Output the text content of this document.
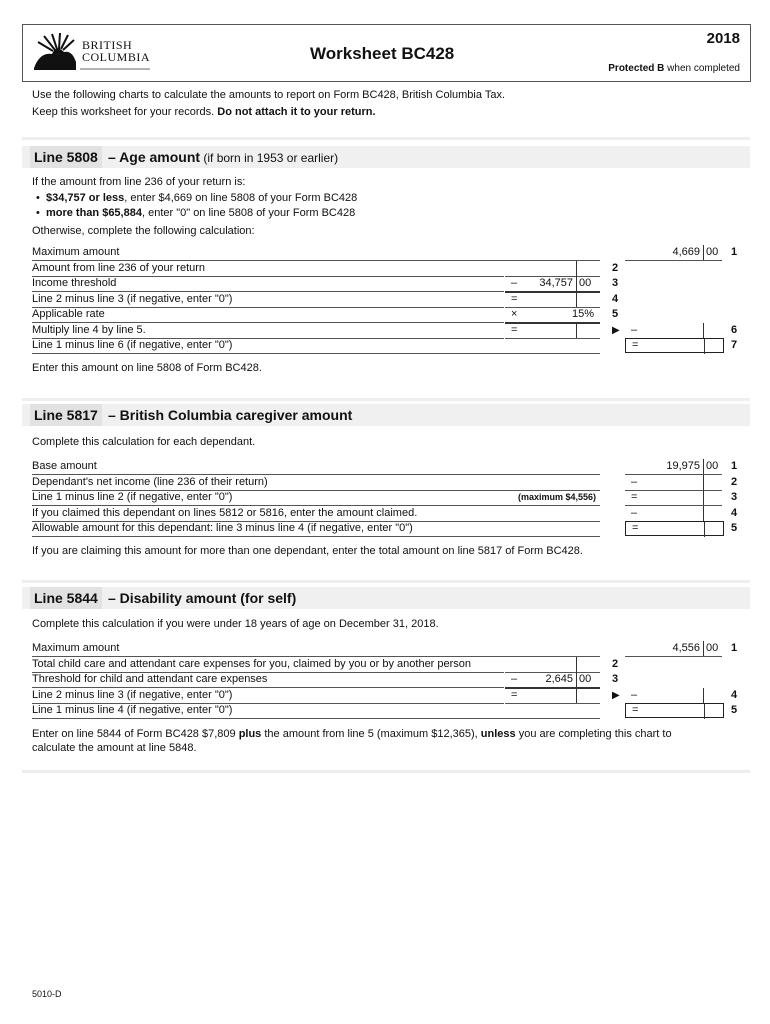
BRITISH
COLUMBIA	Worksheet BC428
2018
Protected B when completed
Use the following charts to calculate the amounts to report on Form BC428, British Columbia Tax.
Keep this worksheet for your records. Do not attach it to your return.
Line 5808 – Age amount (if born in 1953 or earlier)
If the amount from line 236 of your return is:
•  $34,757 or less, enter $4,669 on line 5808 of your Form BC428
•  more than $65,884, enter "0" on line 5808 of your Form BC428
Otherwise, complete the following calculation:
Maximum amount	4,669 00 1
Amount from line 236 of your return	2
Income threshold	– 34,757 00 3
Line 2 minus line 3 (if negative, enter "0")	=	4
Applicable rate	×	15% 5
Multiply line 4 by line 5.	=	▶ –	6
Line 1 minus line 6 (if negative, enter "0")	=	7
Enter this amount on line 5808 of Form BC428.
Line 5817 – British Columbia caregiver amount
Complete this calculation for each dependant.
Base amount	19,975 00 1
Dependant's net income (line 236 of their return)	–	2
Line 1 minus line 2 (if negative, enter "0")	(maximum $4,556)	=	3
If you claimed this dependant on lines 5812 or 5816, enter the amount claimed.	–	4
Allowable amount for this dependant: line 3 minus line 4 (if negative, enter "0")	=	5
If you are claiming this amount for more than one dependant, enter the total amount on line 5817 of Form BC428.
Line 5844 – Disability amount (for self)
Complete this calculation if you were under 18 years of age on December 31, 2018.
Maximum amount	4,556 00 1
Total child care and attendant care expenses for you, claimed by you or by another person	2
Threshold for child and attendant care expenses	–	2,645 00 3
Line 2 minus line 3 (if negative, enter "0")	=	▶ –	4
Line 1 minus line 4 (if negative, enter "0")	=	5
Enter on line 5844 of Form BC428 $7,809 plus the amount from line 5 (maximum $12,365), unless you are completing this chart to
calculate the amount at line 5848.
5010-D
